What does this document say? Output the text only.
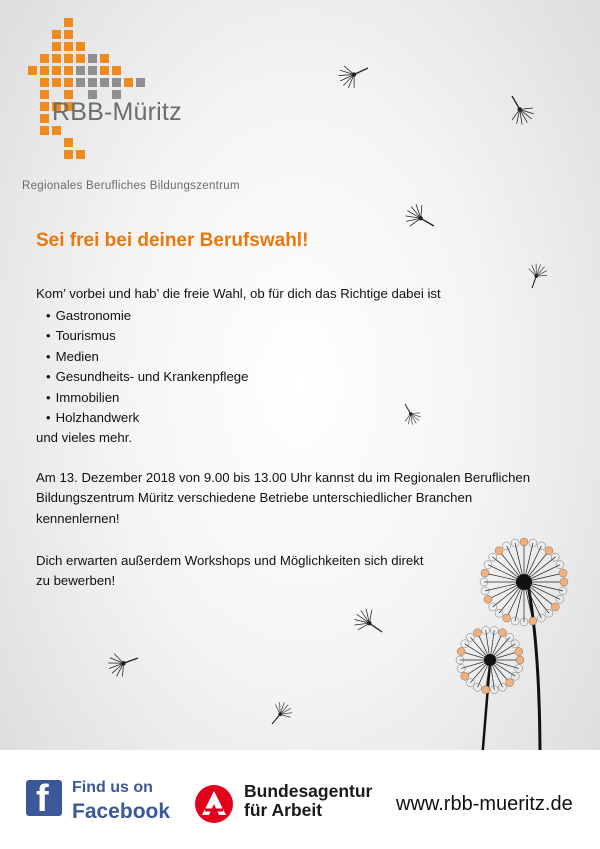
RBB-Müritz
Regionales Berufliches Bildungszentrum
Sei frei bei deiner Berufswahl!
Kom’ vorbei und hab’ die freie Wahl, ob für dich das Richtige dabei ist
• Gastronomie
• Tourismus
• Medien
• Gesundheits- und Krankenpflege
• Immobilien
• Holzhandwerk
und vieles mehr.
Am 13. Dezember 2018 von 9.00 bis 13.00 Uhr kannst du im Regionalen Beruflichen Bildungszentrum Müritz verschiedene Betriebe unterschiedlicher Branchen kennenlernen!
Dich erwarten außerdem Workshops und Möglichkeiten sich direkt zu bewerben!
f Find us on
Facebook
Bundesagentur
für Arbeit	www.rbb-mueritz.de
